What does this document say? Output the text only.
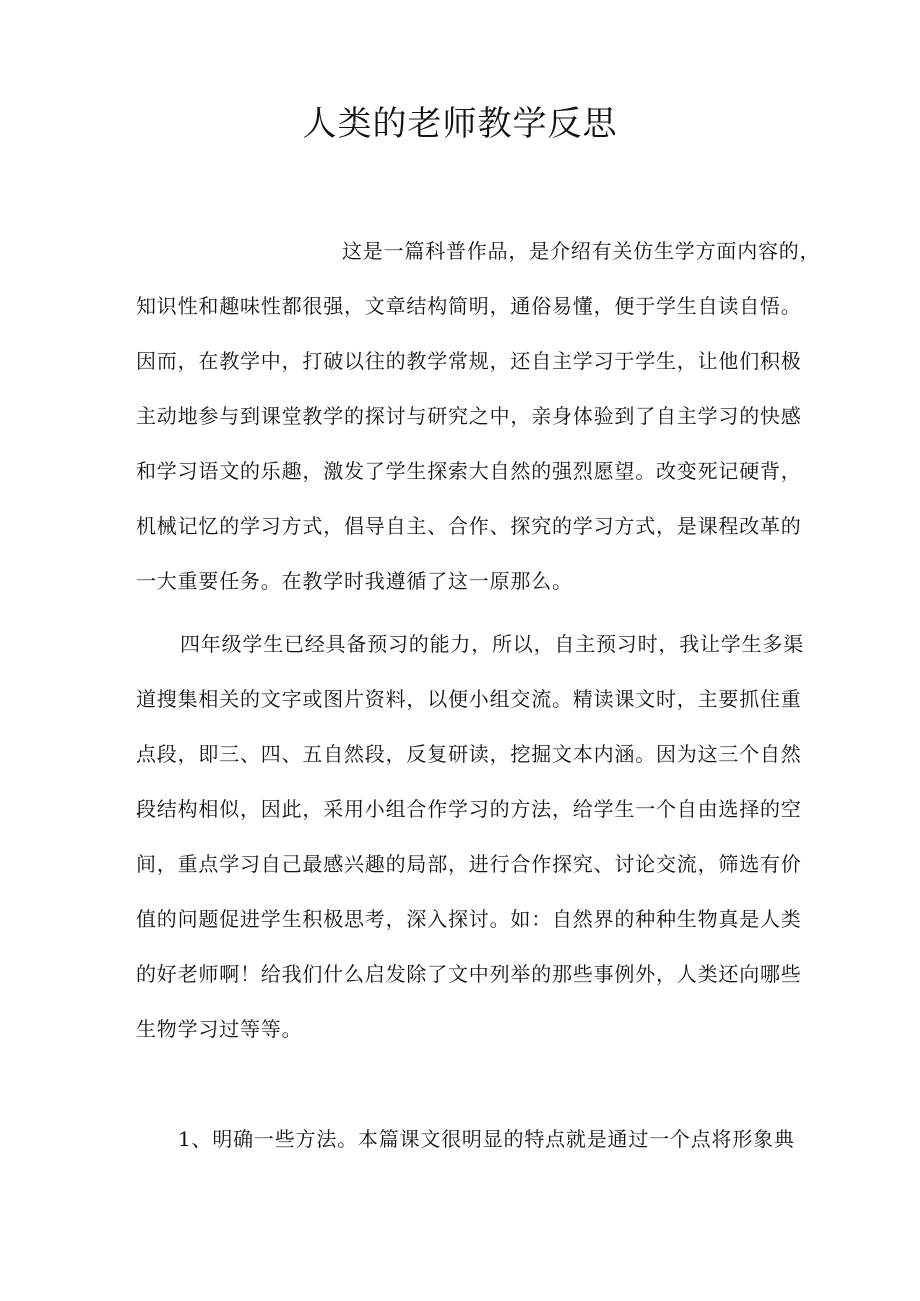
人类的老师教学反思
这是一篇科普作品，是介绍有关仿生学方面内容的，
知识性和趣味性都很强，文章结构简明，通俗易懂，便于学生自读自悟。
因而，在教学中，打破以往的教学常规，还自主学习于学生，让他们积极
主动地参与到课堂教学的探讨与研究之中，亲身体验到了自主学习的快感
和学习语文的乐趣，激发了学生探索大自然的强烈愿望。改变死记硬背，
机械记忆的学习方式，倡导自主、合作、探究的学习方式，是课程改革的
一大重要任务。在教学时我遵循了这一原那么。
四年级学生已经具备预习的能力，所以，自主预习时，我让学生多渠
道搜集相关的文字或图片资料，以便小组交流。精读课文时，主要抓住重
点段，即三、四、五自然段，反复研读，挖掘文本内涵。因为这三个自然
段结构相似，因此，采用小组合作学习的方法，给学生一个自由选择的空
间，重点学习自己最感兴趣的局部，进行合作探究、讨论交流，筛选有价
值的问题促进学生积极思考，深入探讨。如：自然界的种种生物真是人类
的好老师啊！给我们什么启发除了文中列举的那些事例外，人类还向哪些
生物学习过等等。
1、明确一些方法。本篇课文很明显的特点就是通过一个点将形象典
